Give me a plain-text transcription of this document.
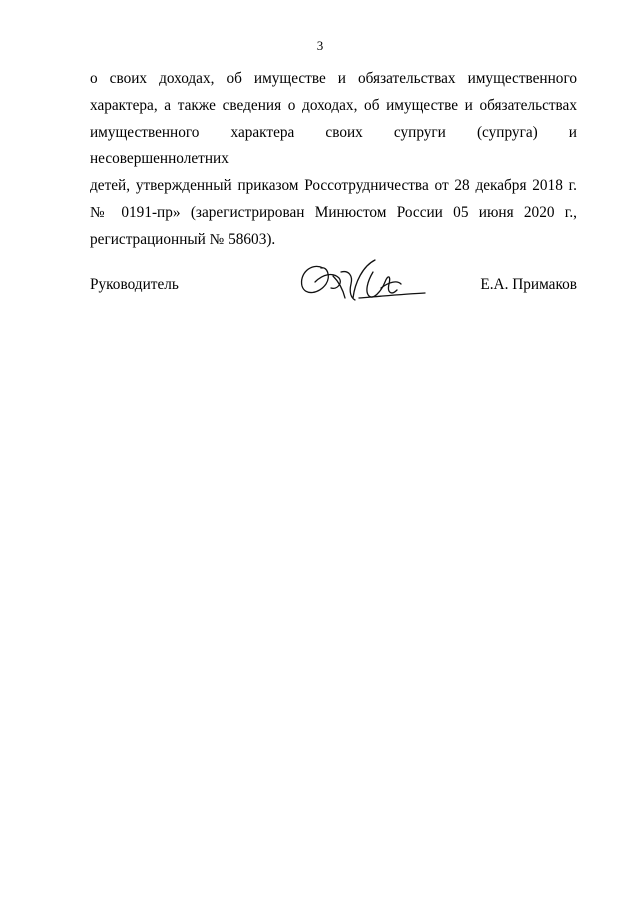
3
о своих доходах, об имуществе и обязательствах имущественного
характера, а также сведения о доходах, об имуществе и обязательствах
имущественного характера своих супруги (супруга) и несовершеннолетних
детей, утвержденный приказом Россотрудничества от 28 декабря 2018 г.
№ 0191-пр» (зарегистрирован Минюстом России 05 июня 2020 г.,
регистрационный № 58603).
Руководитель	Е.А. Примаков
